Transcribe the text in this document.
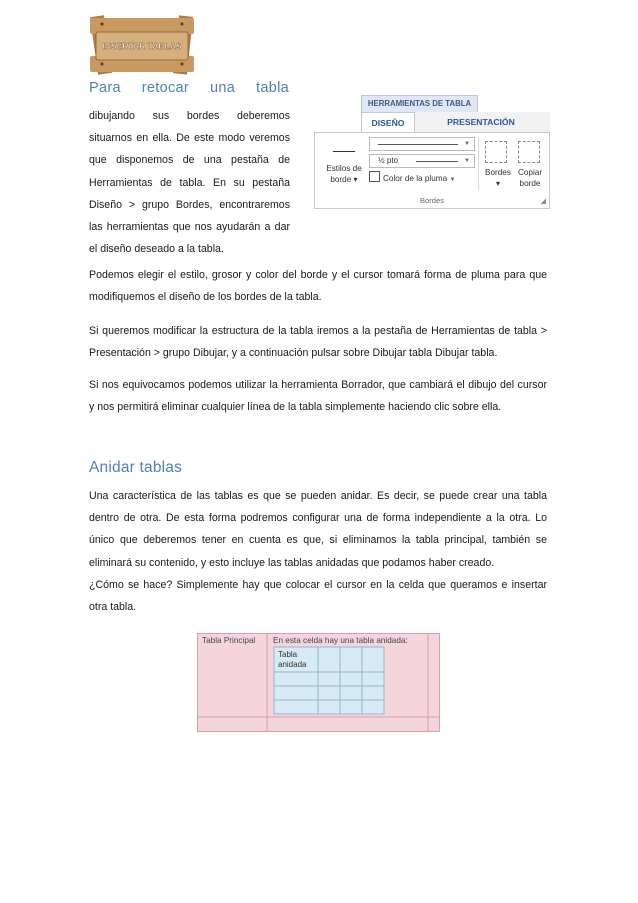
INSERTAR TABLAS
Para retocar una tabla
dibujando sus bordes deberemos situarnos en ella. De este modo veremos que disponemos de una pestaña de Herramientas de tabla. En su pestaña Diseño > grupo Bordes, encontraremos las herramientas que nos ayudarán a dar el diseño deseado a la tabla.
HERRAMIENTAS DE TABLA
DISEÑO	PRESENTACIÓN
Estilos de
borde ▾
▼
½ pto	▼
Color de la pluma ▼
Bordes
▾
Copiar
borde
Bordes	◢
Podemos elegir el estilo, grosor y color del borde y el cursor tomará forma de pluma para que modifiquemos el diseño de los bordes de la tabla.
Si queremos modificar la estructura de la tabla iremos a la pestaña de Herramientas de tabla > Presentación > grupo Dibujar, y a continuación pulsar sobre Dibujar tabla Dibujar tabla.
Si nos equivocamos podemos utilizar la herramienta Borrador, que cambiará el dibujo del cursor y nos permitirá eliminar cualquier línea de la tabla simplemente haciendo clic sobre ella.
Anidar tablas
Una característica de las tablas es que se pueden anidar. Es decir, se puede crear una tabla dentro de otra. De esta forma podremos configurar una de forma independiente a la otra. Lo único que deberemos tener en cuenta es que, si eliminamos la tabla principal, también se eliminará su contenido, y esto incluye las tablas anidadas que podamos haber creado.
¿Cómo se hace? Simplemente hay que colocar el cursor en la celda que queramos e insertar otra tabla.
Tabla Principal En esta celda hay una tabla anidada:
Tabla
anidada
